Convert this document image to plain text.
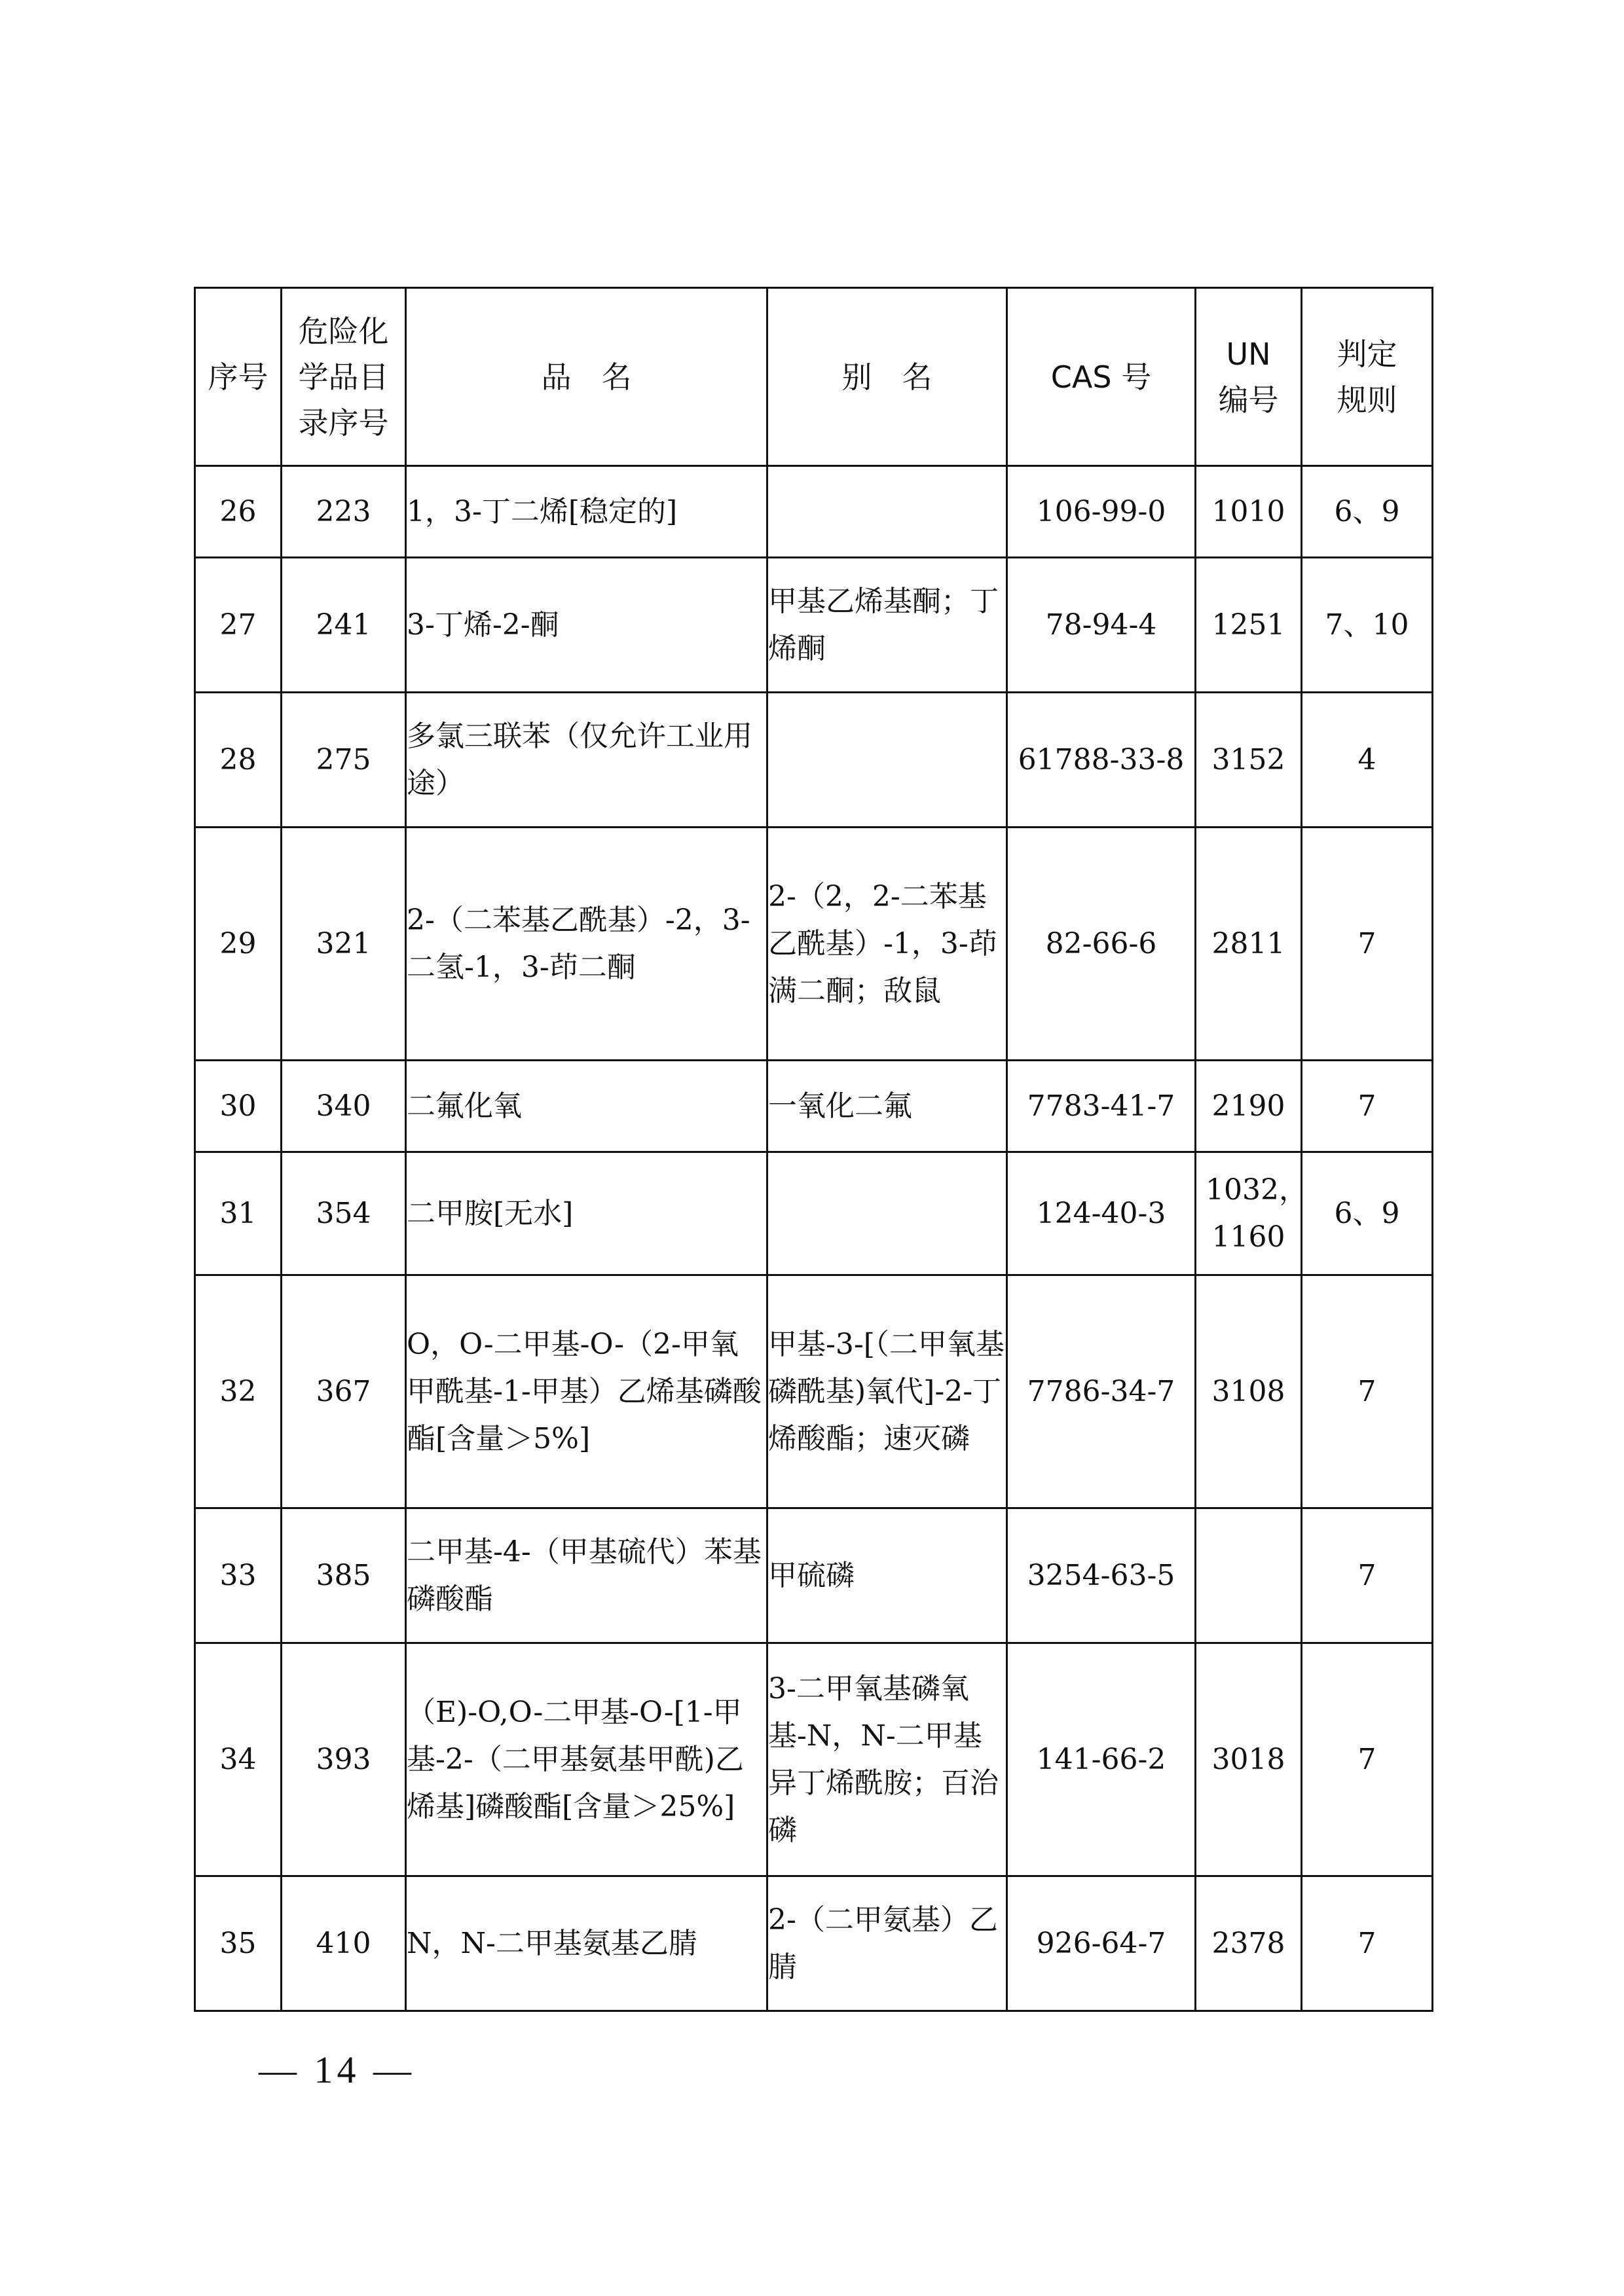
序号	危险化学品目录序号	品　名	别　名	CAS 号	UN编号	判定规则
26	223	1，3-丁二烯[稳定的]		106-99-0	1010	6、9
27	241	3-丁烯-2-酮	甲基乙烯基酮；丁烯酮	78-94-4	1251	7、10
28	275	多氯三联苯（仅允许工业用途）		61788-33-8	3152	4
29	321	2-（二苯基乙酰基）-2，3-二氢-1，3-茚二酮	2-（2，2-二苯基乙酰基）-1，3-茚满二酮；敌鼠	82-66-6	2811	7
30	340	二氟化氧	一氧化二氟	7783-41-7	2190	7
31	354	二甲胺[无水]		124-40-3	1032，1160	6、9
32	367	O，O-二甲基-O-（2-甲氧甲酰基-1-甲基）乙烯基磷酸酯[含量＞5%]	甲基-3-[（二甲氧基磷酰基)氧代]-2-丁烯酸酯；速灭磷	7786-34-7	3108	7
33	385	二甲基-4-（甲基硫代）苯基磷酸酯	甲硫磷	3254-63-5		7
34	393	（E)-O,O-二甲基-O-[1-甲基-2-（二甲基氨基甲酰)乙烯基]磷酸酯[含量＞25%]	3-二甲氧基磷氧基-N，N-二甲基异丁烯酰胺；百治磷	141-66-2	3018	7
35	410	N，N-二甲基氨基乙腈	2-（二甲氨基）乙腈	926-64-7	2378	7
— 14 —
